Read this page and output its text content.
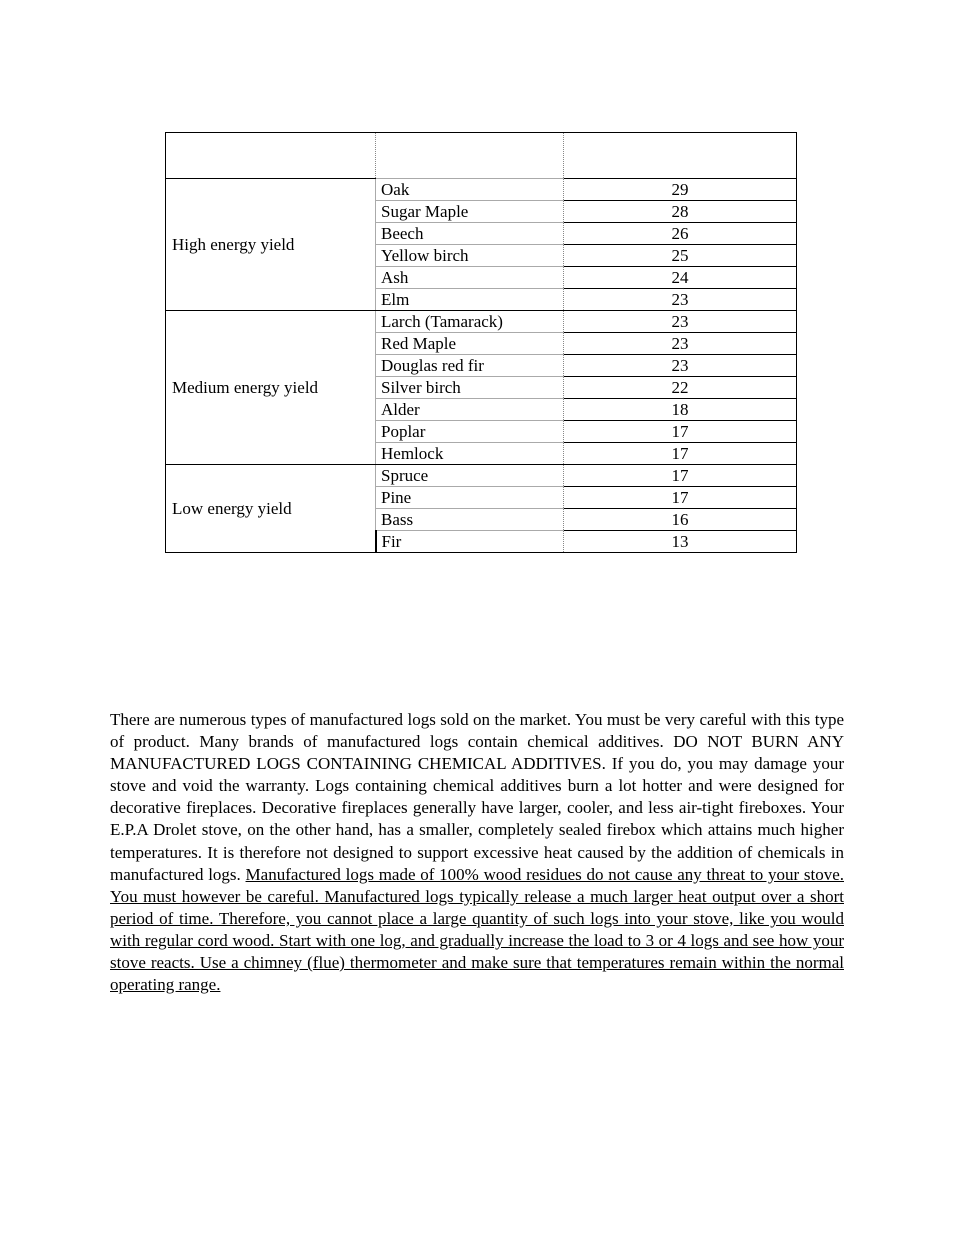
High energy yield	Oak	29
	Sugar Maple	28
	Beech	26
	Yellow birch	25
	Ash	24
	Elm	23
Medium energy yield	Larch (Tamarack)	23
	Red Maple	23
	Douglas red fir	23
	Silver birch	22
	Alder	18
	Poplar	17
	Hemlock	17
Low energy yield	Spruce	17
	Pine	17
	Bass	16
	Fir	13

There are numerous types of manufactured logs sold on the market. You must be very careful with this type of product. Many brands of manufactured logs contain chemical additives. DO NOT BURN ANY MANUFACTURED LOGS CONTAINING CHEMICAL ADDITIVES. If you do, you may damage your stove and void the warranty. Logs containing chemical additives burn a lot hotter and were designed for decorative fireplaces. Decorative fireplaces generally have larger, cooler, and less air-tight fireboxes. Your E.P.A Drolet stove, on the other hand, has a smaller, completely sealed firebox which attains much higher temperatures. It is therefore not designed to support excessive heat caused by the addition of chemicals in manufactured logs. Manufactured logs made of 100% wood residues do not cause any threat to your stove. You must however be careful. Manufactured logs typically release a much larger heat output over a short period of time. Therefore, you cannot place a large quantity of such logs into your stove, like you would with regular cord wood. Start with one log, and gradually increase the load to 3 or 4 logs and see how your stove reacts. Use a chimney (flue) thermometer and make sure that temperatures remain within the normal operating range.
